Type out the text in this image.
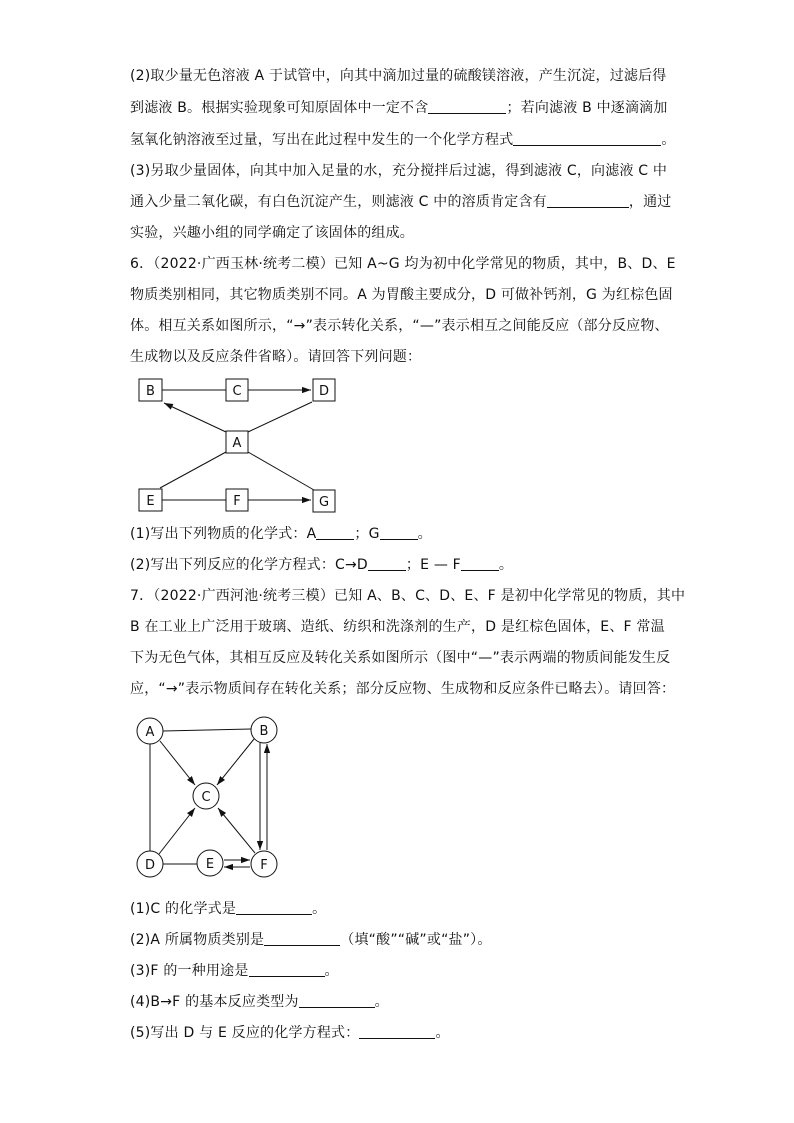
(2)取少量无色溶液 A 于试管中，向其中滴加过量的硫酸镁溶液，产生沉淀，过滤后得
到滤液 B。根据实验现象可知原固体中一定不含	；若向滤液 B 中逐滴滴加
氢氧化钠溶液至过量，写出在此过程中发生的一个化学方程式	。
(3)另取少量固体，向其中加入足量的水，充分搅拌后过滤，得到滤液 C，向滤液 C 中
通入少量二氧化碳，有白色沉淀产生，则滤液 C 中的溶质肯定含有	，通过
实验，兴趣小组的同学确定了该固体的组成。
6．（2022·广西玉林·统考二模）已知 A~G 均为初中化学常见的物质，其中，B、D、E
物质类别相同，其它物质类别不同。A 为胃酸主要成分，D 可做补钙剂，G 为红棕色固
体。相互关系如图所示，“→”表示转化关系，“—”表示相互之间能反应（部分反应物、
生成物以及反应条件省略）。请回答下列问题：
B	C	D
A
E	F	G
A	B
C
D	E	F
(1)写出下列物质的化学式：A	；G	。
(2)写出下列反应的化学方程式：C→D	；E — F	。
7．（2022·广西河池·统考三模）已知 A、B、C、D、E、F 是初中化学常见的物质，其中
B 在工业上广泛用于玻璃、造纸、纺织和洗涤剂的生产，D 是红棕色固体，E、F 常温
下为无色气体，其相互反应及转化关系如图所示（图中“—”表示两端的物质间能发生反
应，“→”表示物质间存在转化关系；部分反应物、生成物和反应条件已略去）。请回答：
(1)C 的化学式是	。
(2)A 所属物质类别是	（填“酸”“碱”或“盐”）。
(3)F 的一种用途是	。
(4)B→F 的基本反应类型为	。
(5)写出 D 与 E 反应的化学方程式：	。
